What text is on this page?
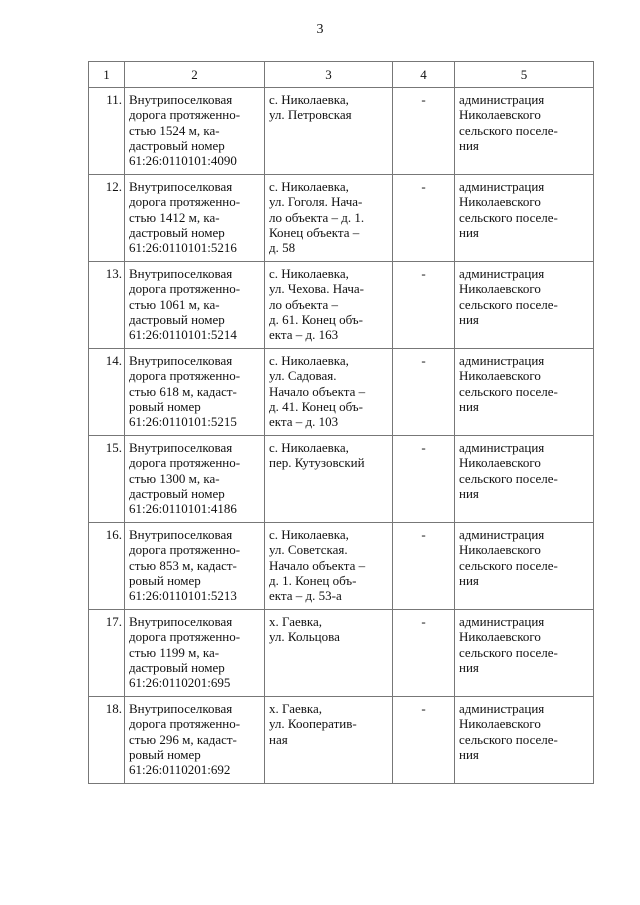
3
1	2	3	4	5
11.	Внутрипоселковая
дорога протяженно-
стью 1524 м, ка-
дастровый номер
61:26:0110101:4090	с. Николаевка,
ул. Петровская	-	администрация
Николаевского
сельского поселе-
ния

12.	Внутрипоселковая
дорога протяженно-
стью 1412 м, ка-
дастровый номер
61:26:0110101:5216	с. Николаевка,
ул. Гоголя. Нача-
ло объекта – д. 1.
Конец объекта –
д. 58	-	администрация
Николаевского
сельского поселе-
ния

13.	Внутрипоселковая
дорога протяженно-
стью 1061 м, ка-
дастровый номер
61:26:0110101:5214	с. Николаевка,
ул. Чехова. Нача-
ло объекта –
д. 61. Конец объ-
екта – д. 163	-	администрация
Николаевского
сельского поселе-
ния

14.	Внутрипоселковая
дорога протяженно-
стью 618 м, кадаст-
ровый номер
61:26:0110101:5215	с. Николаевка,
ул. Садовая.
Начало объекта –
д. 41. Конец объ-
екта – д. 103	-	администрация
Николаевского
сельского поселе-
ния

15.	Внутрипоселковая
дорога протяженно-
стью 1300 м, ка-
дастровый номер
61:26:0110101:4186	с. Николаевка,
пер. Кутузовский	-	администрация
Николаевского
сельского поселе-
ния

16.	Внутрипоселковая
дорога протяженно-
стью 853 м, кадаст-
ровый номер
61:26:0110101:5213	с. Николаевка,
ул. Советская.
Начало объекта –
д. 1. Конец объ-
екта – д. 53-а	-	администрация
Николаевского
сельского поселе-
ния

17.	Внутрипоселковая
дорога протяженно-
стью 1199 м, ка-
дастровый номер
61:26:0110201:695	х. Гаевка,
ул. Кольцова	-	администрация
Николаевского
сельского поселе-
ния

18.	Внутрипоселковая
дорога протяженно-
стью 296 м, кадаст-
ровый номер
61:26:0110201:692	х. Гаевка,
ул. Кооператив-
ная	-	администрация
Николаевского
сельского поселе-
ния
